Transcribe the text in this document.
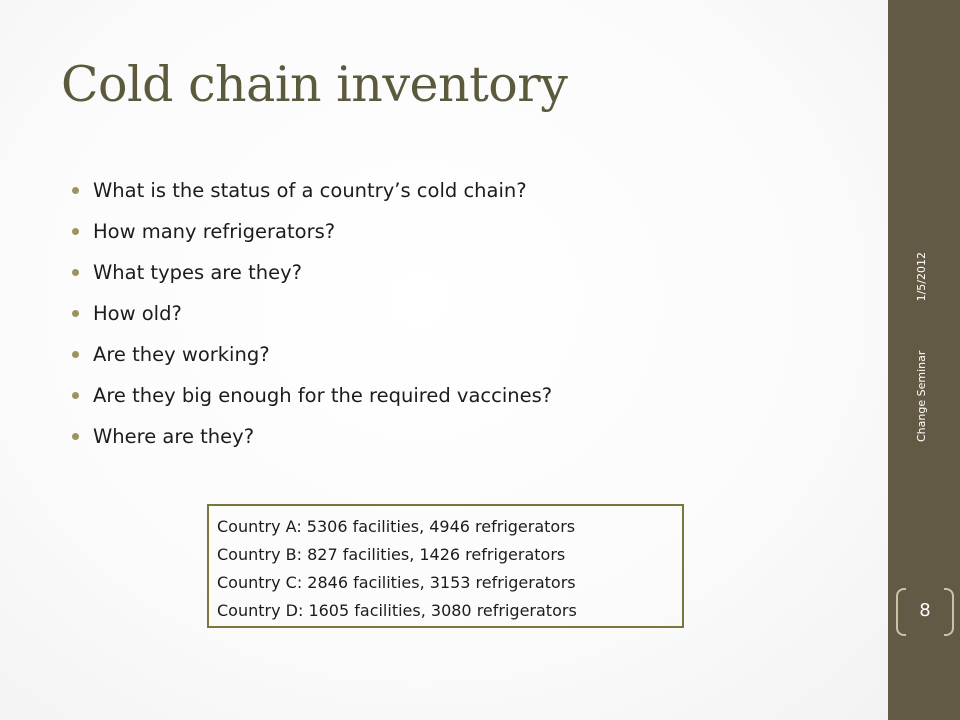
Cold chain inventory
What is the status of a country’s cold chain?
How many refrigerators?
What types are they?
How old?
Are they working?
Are they big enough for the required vaccines?
Where are they?
Country A: 5306 facilities, 4946 refrigerators
Country B: 827 facilities, 1426 refrigerators
Country C: 2846 facilities, 3153 refrigerators
Country D: 1605 facilities, 3080 refrigerators
Change Seminar
1/5/2012
8
